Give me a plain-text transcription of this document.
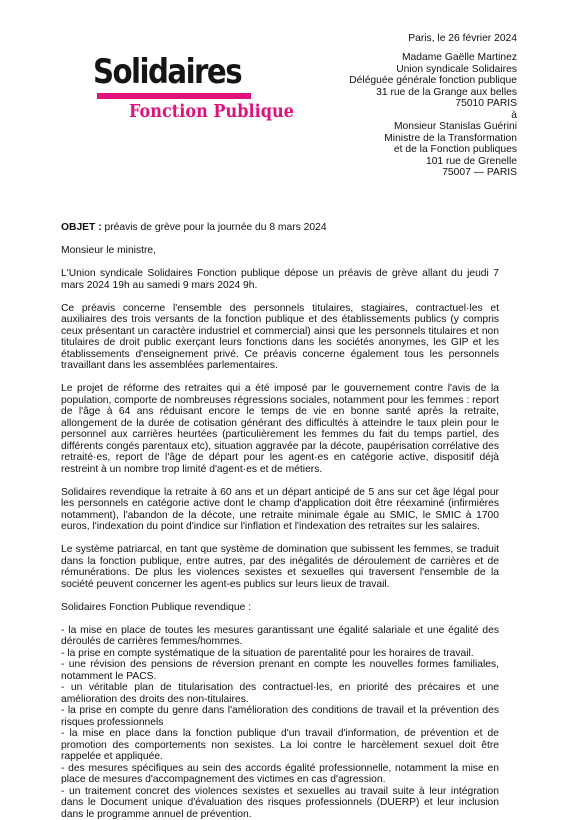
Solidaires
Fonction Publique
Paris, le 26 février 2024
Madame Gaëlle Martinez
Union syndicale Solidaires
Déléguée générale fonction publique
31 rue de la Grange aux belles
75010 PARIS
à
Monsieur Stanislas Guérini
Ministre de la Transformation
et de la Fonction publiques
101 rue de Grenelle
75007 — PARIS
OBJET : préavis de grève pour la journée du 8 mars 2024

Monsieur le ministre,

L'Union syndicale Solidaires Fonction publique dépose un préavis de grève allant du jeudi 7 mars 2024 19h au samedi 9 mars 2024 9h.

Ce préavis concerne l'ensemble des personnels titulaires, stagiaires, contractuel·les et auxiliaires des trois versants de la fonction publique et des établissements publics (y compris ceux présentant un caractère industriel et commercial) ainsi que les personnels titulaires et non titulaires de droit public exerçant leurs fonctions dans les sociétés anonymes, les GIP et les établissements d'enseignement privé. Ce préavis concerne également tous les personnels travaillant dans les assemblées parlementaires.

Le projet de réforme des retraites qui a été imposé par le gouvernement contre l'avis de la population, comporte de nombreuses régressions sociales, notamment pour les femmes : report de l'âge à 64 ans réduisant encore le temps de vie en bonne santé après la retraite, allongement de la durée de cotisation générant des difficultés à atteindre le taux plein pour le personnel aux carrières heurtées (particulièrement les femmes du fait du temps partiel, des différents congés parentaux etc), situation aggravée par la décote, paupérisation corrélative des retraité·es, report de l'âge de départ pour les agent·es en catégorie active, dispositif déjà restreint à un nombre trop limité d'agent·es et de métiers.

Solidaires revendique la retraite à 60 ans et un départ anticipé de 5 ans sur cet âge légal pour les personnels en catégorie active dont le champ d'application doit être réexaminé (infirmières notamment), l'abandon de la décote, une retraite minimale égale au SMIC, le SMIC à 1700 euros, l'indexation du point d'indice sur l'inflation et l'indexation des retraites sur les salaires.

Le système patriarcal, en tant que système de domination que subissent les femmes, se traduit dans la fonction publique, entre autres, par des inégalités de déroulement de carrières et de rémunérations. De plus les violences sexistes et sexuelles qui traversent l'ensemble de la société peuvent concerner les agent-es publics sur leurs lieux de travail.

Solidaires Fonction Publique revendique :

- la mise en place de toutes les mesures garantissant une égalité salariale et une égalité des déroulés de carrières femmes/hommes.
- la prise en compte systématique de la situation de parentalité pour les horaires de travail.
- une révision des pensions de réversion prenant en compte les nouvelles formes familiales, notamment le PACS.
- un véritable plan de titularisation des contractuel·les, en priorité des précaires et une amélioration des droits des non-titulaires.
- la prise en compte du genre dans l'amélioration des conditions de travail et la prévention des risques professionnels
- la mise en place dans la fonction publique d'un travail d'information, de prévention et de promotion des comportements non sexistes. La loi contre le harcèlement sexuel doit être rappelée et appliquée.
- des mesures spécifiques au sein des accords égalité professionnelle, notamment la mise en place de mesures d'accompagnement des victimes en cas d'agression.
- un traitement concret des violences sexistes et sexuelles au travail suite à leur intégration dans le Document unique d'évaluation des risques professionnels (DUERP) et leur inclusion dans le programme annuel de prévention.
